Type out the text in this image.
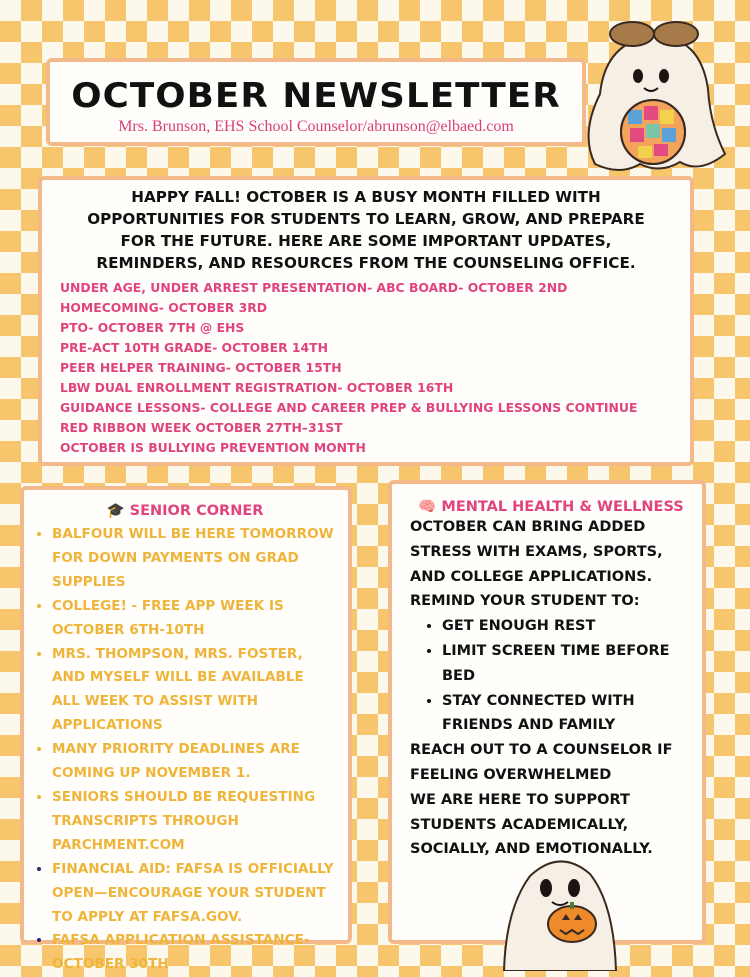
OCTOBER NEWSLETTER
Mrs. Brunson, EHS School Counselor/abrunson@elbaed.com
HAPPY FALL! OCTOBER IS A BUSY MONTH FILLED WITH OPPORTUNITIES FOR STUDENTS TO LEARN, GROW, AND PREPARE FOR THE FUTURE. HERE ARE SOME IMPORTANT UPDATES, REMINDERS, AND RESOURCES FROM THE COUNSELING OFFICE.
UNDER AGE, UNDER ARREST PRESENTATION- ABC BOARD- OCTOBER 2ND
HOMECOMING- OCTOBER 3RD
PTO- OCTOBER 7TH @ EHS
PRE-ACT 10TH GRADE- OCTOBER 14TH
PEER HELPER TRAINING- OCTOBER 15TH
LBW DUAL ENROLLMENT REGISTRATION- OCTOBER 16TH
GUIDANCE LESSONS- COLLEGE AND CAREER PREP & BULLYING LESSONS CONTINUE
RED RIBBON WEEK OCTOBER 27TH–31ST
OCTOBER IS BULLYING PREVENTION MONTH
🎓 SENIOR CORNER
• BALFOUR WILL BE HERE TOMORROW FOR DOWN PAYMENTS ON GRAD SUPPLIES
• COLLEGE! - FREE APP WEEK IS OCTOBER 6TH-10TH
• MRS. THOMPSON, MRS. FOSTER, AND MYSELF WILL BE AVAILABLE ALL WEEK TO ASSIST WITH APPLICATIONS
• MANY PRIORITY DEADLINES ARE COMING UP NOVEMBER 1.
• SENIORS SHOULD BE REQUESTING TRANSCRIPTS THROUGH PARCHMENT.COM
• FINANCIAL AID: FAFSA IS OFFICIALLY OPEN—ENCOURAGE YOUR STUDENT TO APPLY AT FAFSA.GOV.
• FAFSA APPLICATION ASSISTANCE- OCTOBER 30TH
🧠 MENTAL HEALTH & WELLNESS
OCTOBER CAN BRING ADDED STRESS WITH EXAMS, SPORTS, AND COLLEGE APPLICATIONS.
REMIND YOUR STUDENT TO:
• GET ENOUGH REST
• LIMIT SCREEN TIME BEFORE BED
• STAY CONNECTED WITH FRIENDS AND FAMILY
REACH OUT TO A COUNSELOR IF FEELING OVERWHELMED
WE ARE HERE TO SUPPORT STUDENTS ACADEMICALLY, SOCIALLY, AND EMOTIONALLY.
